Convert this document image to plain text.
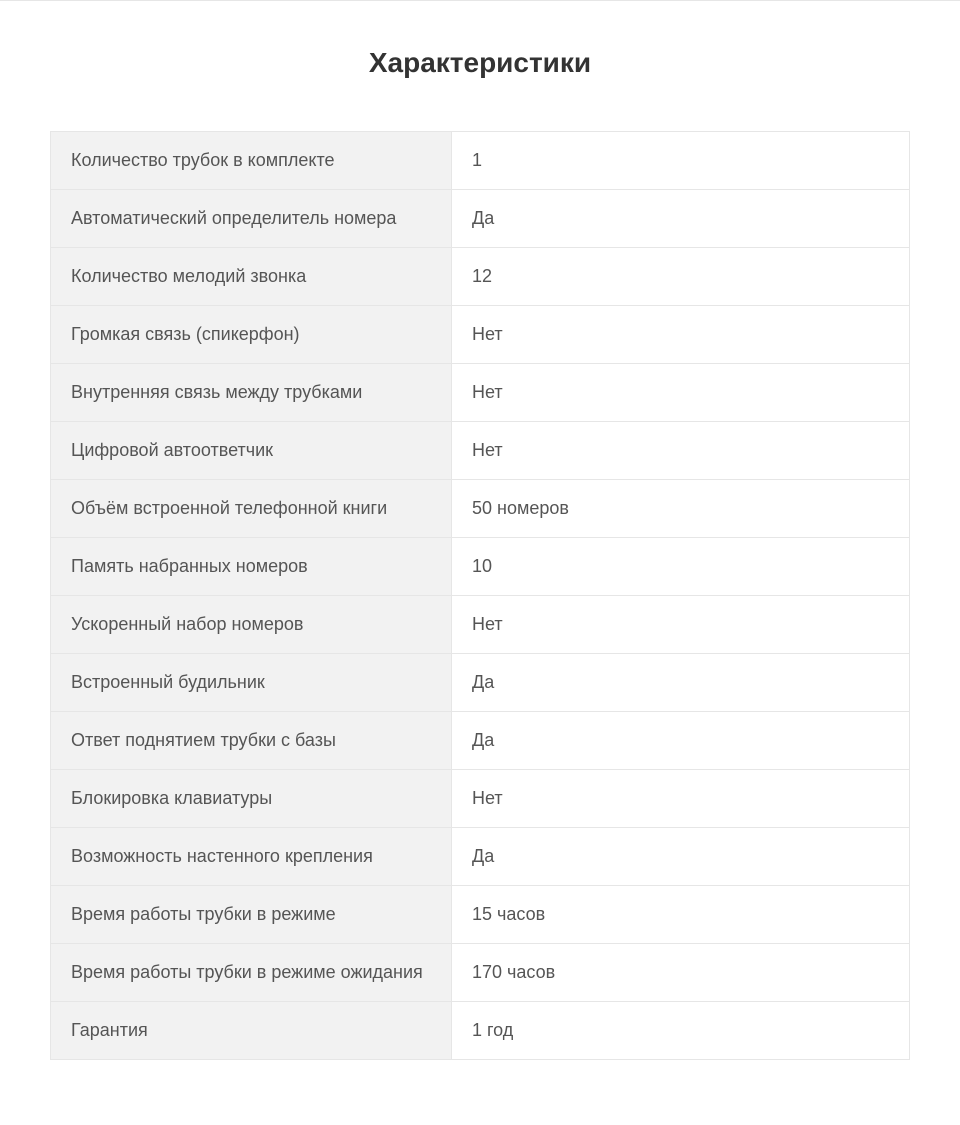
Характеристики
Количество трубок в комплекте	1
Автоматический определитель номера	Да
Количество мелодий звонка	12
Громкая связь (спикерфон)	Нет
Внутренняя связь между трубками	Нет
Цифровой автоответчик	Нет
Объём встроенной телефонной книги	50 номеров
Память набранных номеров	10
Ускоренный набор номеров	Нет
Встроенный будильник	Да
Ответ поднятием трубки с базы	Да
Блокировка клавиатуры	Нет
Возможность настенного крепления	Да
Время работы трубки в режиме	15 часов
Время работы трубки в режиме ожидания	170 часов
Гарантия	1 год
